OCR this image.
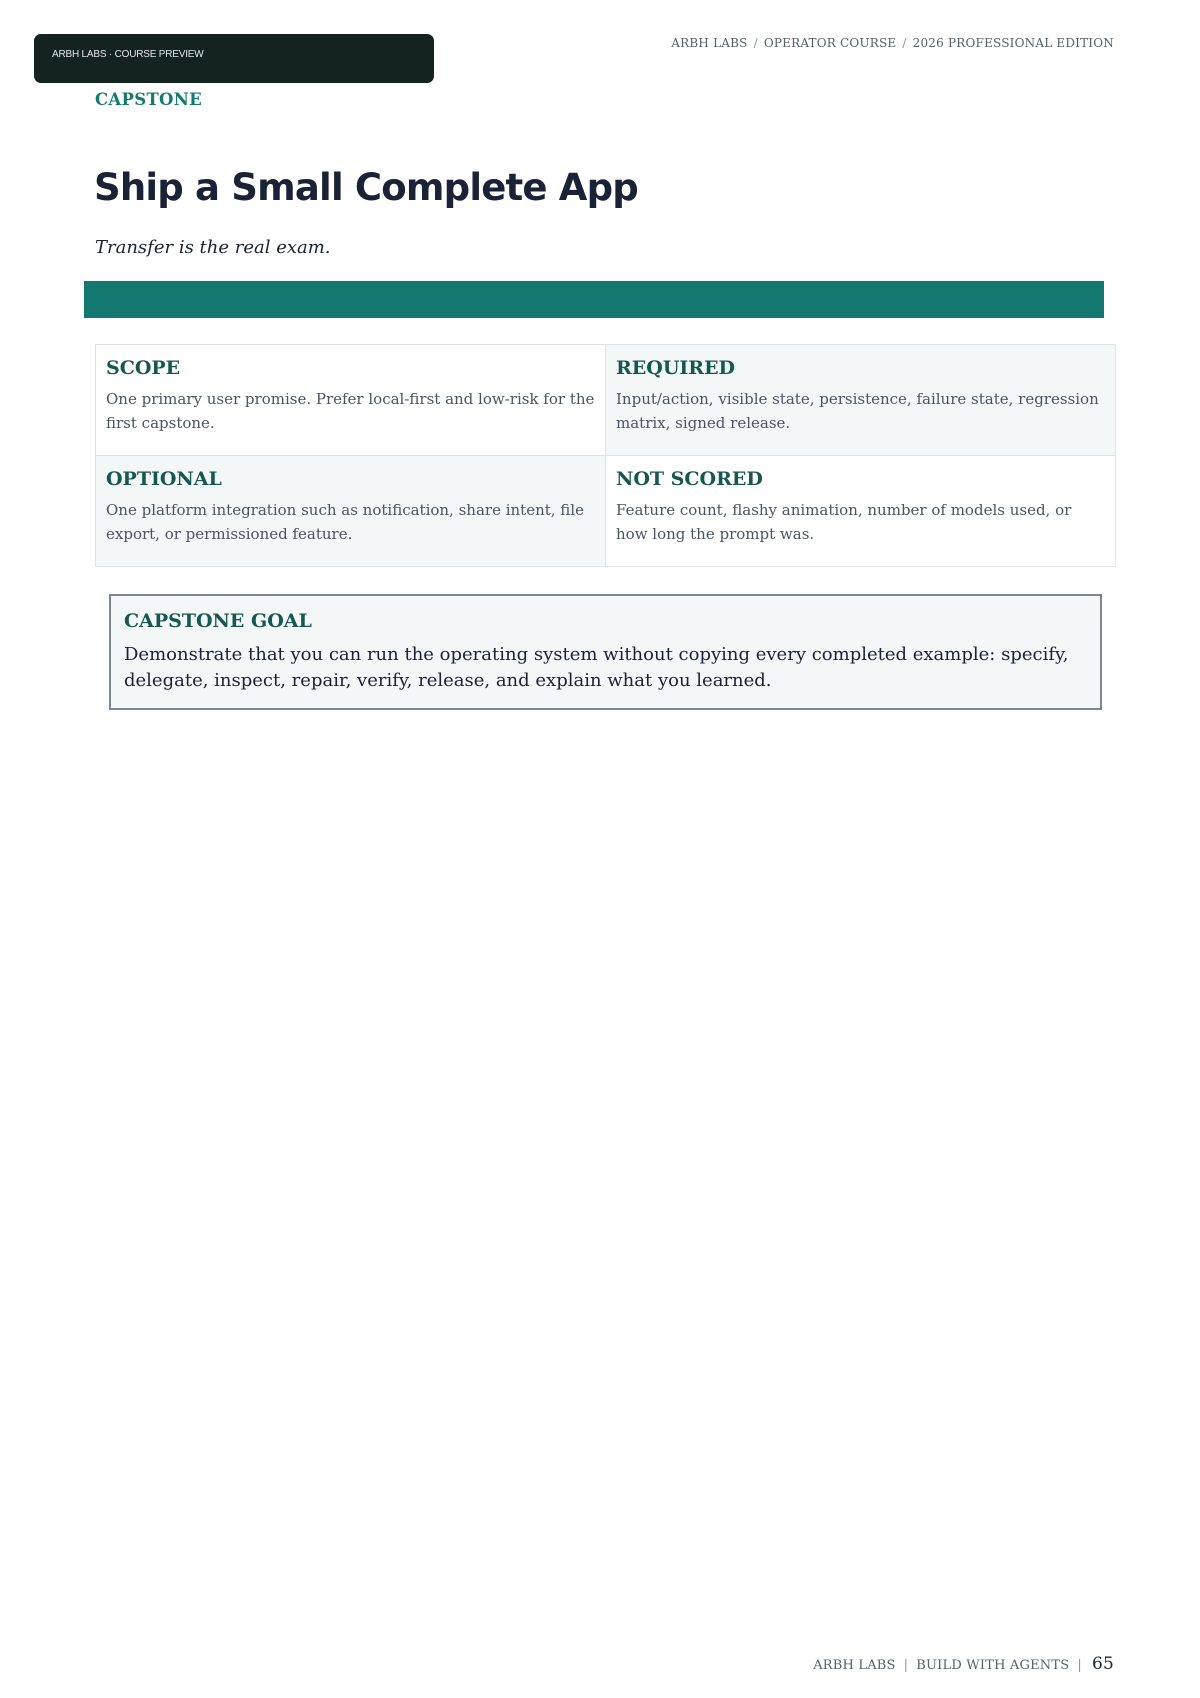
ARBH LABS · COURSE PREVIEW
ARBH LABS / OPERATOR COURSE / 2026 PROFESSIONAL EDITION
CAPSTONE
Ship a Small Complete App
Transfer is the real exam.

SCOPE

One primary user promise. Prefer local-first and low-risk for the first capstone.

REQUIRED

Input/action, visible state, persistence, failure state, regression matrix, signed release.

OPTIONAL

One platform integration such as notification, share intent, file export, or permissioned feature.

NOT SCORED

Feature count, flashy animation, number of models used, or how long the prompt was.

CAPSTONE GOAL

Demonstrate that you can run the operating system without copying every completed example: specify, delegate, inspect, repair, verify, release, and explain what you learned.

ARBH LABS | BUILD WITH AGENTS | 65
